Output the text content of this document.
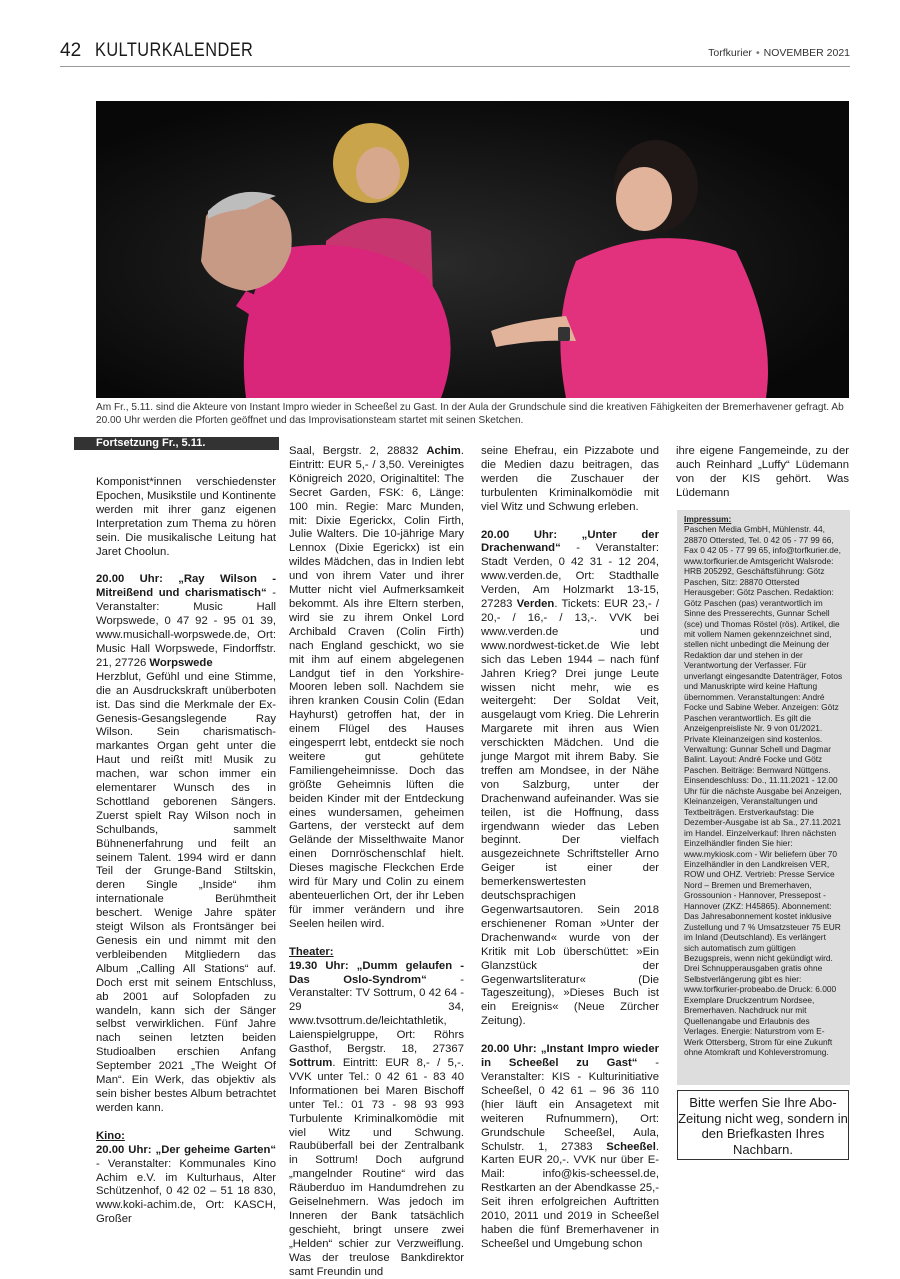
42 KULTURKALENDER	Torfkurier • NOVEMBER 2021
Am Fr., 5.11. sind die Akteure von Instant Impro wieder in Scheeßel zu Gast. In der Aula der Grundschule sind die kreativen Fähigkeiten der Bremerhavener gefragt. Ab 20.00 Uhr werden die Pforten geöffnet und das Improvisationsteam startet mit seinen Sketchen.
Fortsetzung Fr., 5.11.

Komponist*innen verschiedenster Epochen, Musikstile und Kontinente werden mit ihrer ganz eigenen Interpretation zum Thema zu hören sein. Die musikalische Leitung hat Jaret Choolun.

20.00 Uhr: „Ray Wilson - Mitreißend und charismatisch“ - Veranstalter: Music Hall Worpswede, 0 47 92 - 95 01 39, www.musichall-worpswede.de, Ort: Music Hall Worpswede, Findorffstr. 21, 27726 Worpswede

Herzblut, Gefühl und eine Stimme, die an Ausdruckskraft unüberboten ist. Das sind die Merkmale der Ex-Genesis-Gesangslegende Ray Wilson. Sein charismatisch-markantes Organ geht unter die Haut und reißt mit! Musik zu machen, war schon immer ein elementarer Wunsch des in Schottland geborenen Sängers. Zuerst spielt Ray Wilson noch in Schulbands, sammelt Bühnenerfahrung und feilt an seinem Talent. 1994 wird er dann Teil der Grunge-Band Stiltskin, deren Single „Inside“ ihm internationale Berühmtheit beschert. Wenige Jahre später steigt Wilson als Frontsänger bei Genesis ein und nimmt mit den verbleibenden Mitgliedern das Album „Calling All Stations“ auf. Doch erst mit seinem Entschluss, ab 2001 auf Solopfaden zu wandeln, kann sich der Sänger selbst verwirklichen. Fünf Jahre nach seinen letzten beiden Studioalben erschien Anfang September 2021 „The Weight Of Man“. Ein Werk, das objektiv als sein bisher bestes Album betrachtet werden kann.

Kino:

20.00 Uhr: „Der geheime Garten“ - Veranstalter: Kommunales Kino Achim e.V. im Kulturhaus, Alter Schützenhof, 0 42 02 – 51 18 830, www.koki-achim.de, Ort: KASCH, Großer

Saal, Bergstr. 2, 28832 Achim. Eintritt: EUR 5,- / 3,50. Vereinigtes Königreich 2020, Originaltitel: The Secret Garden, FSK: 6, Länge: 100 min. Regie: Marc Munden, mit: Dixie Egerickx, Colin Firth, Julie Walters. Die 10-jährige Mary Lennox (Dixie Egerickx) ist ein wildes Mädchen, das in Indien lebt und von ihrem Vater und ihrer Mutter nicht viel Aufmerksamkeit bekommt. Als ihre Eltern sterben, wird sie zu ihrem Onkel Lord Archibald Craven (Colin Firth) nach England geschickt, wo sie mit ihm auf einem abgelegenen Landgut tief in den Yorkshire-Mooren leben soll. Nachdem sie ihren kranken Cousin Colin (Edan Hayhurst) getroffen hat, der in einem Flügel des Hauses eingesperrt lebt, entdeckt sie noch weitere gut gehütete Familiengeheimnisse. Doch das größte Geheimnis lüften die beiden Kinder mit der Entdeckung eines wundersamen, geheimen Gartens, der versteckt auf dem Gelände der Misselthwaite Manor einen Dornröschenschlaf hielt. Dieses magische Fleckchen Erde wird für Mary und Colin zu einem abenteuerlichen Ort, der ihr Leben für immer verändern und ihre Seelen heilen wird.

Theater:

19.30 Uhr: „Dumm gelaufen - Das Oslo-Syndrom“ - Veranstalter: TV Sottrum, 0 42 64 - 29 34, www.tvsottrum.de/leichtathletik, Laienspielgruppe, Ort: Röhrs Gasthof, Bergstr. 18, 27367 Sottrum. Eintritt: EUR 8,- / 5,-. VVK unter Tel.: 0 42 61 - 83 40 Informationen bei Maren Bischoff unter Tel.: 01 73 - 98 93 993 Turbulente Kriminalkomödie mit viel Witz und Schwung. Raubüberfall bei der Zentralbank in Sottrum! Doch aufgrund „mangelnder Routine“ wird das Räuberduo im Handumdrehen zu Geiselnehmern. Was jedoch im Inneren der Bank tatsächlich geschieht, bringt unsere zwei „Helden“ schier zur Verzweiflung. Was der treulose Bankdirektor samt Freundin und

seine Ehefrau, ein Pizzabote und die Medien dazu beitragen, das werden die Zuschauer der turbulenten Kriminalkomödie mit viel Witz und Schwung erleben.

20.00 Uhr: „Unter der Drachenwand“ - Veranstalter: Stadt Verden, 0 42 31 - 12 204, www.verden.de, Ort: Stadthalle Verden, Am Holzmarkt 13-15, 27283 Verden. Tickets: EUR 23,- / 20,- / 16,- / 13,-. VVK bei www.verden.de und www.nordwest-ticket.de Wie lebt sich das Leben 1944 – nach fünf Jahren Krieg? Drei junge Leute wissen nicht mehr, wie es weitergeht: Der Soldat Veit, ausgelaugt vom Krieg. Die Lehrerin Margarete mit ihren aus Wien verschickten Mädchen. Und die junge Margot mit ihrem Baby. Sie treffen am Mondsee, in der Nähe von Salzburg, unter der Drachenwand aufeinander. Was sie teilen, ist die Hoffnung, dass irgendwann wieder das Leben beginnt. Der vielfach ausgezeichnete Schriftsteller Arno Geiger ist einer der bemerkenswertesten deutschsprachigen Gegenwartsautoren. Sein 2018 erschienener Roman »Unter der Drachenwand« wurde von der Kritik mit Lob überschüttet: »Ein Glanzstück der Gegenwartsliteratur« (Die Tageszeitung), »Dieses Buch ist ein Ereignis« (Neue Zürcher Zeitung).

20.00 Uhr: „Instant Impro wieder in Scheeßel zu Gast“ - Veranstalter: KIS - Kulturinitiative Scheeßel, 0 42 61 – 96 36 110 (hier läuft ein Ansagetext mit weiteren Rufnummern), Ort: Grundschule Scheeßel, Aula, Schulstr. 1, 27383 Scheeßel. Karten EUR 20,-. VVK nur über E-Mail: info@kis-scheessel.de, Restkarten an der Abendkasse 25,- Seit ihren erfolgreichen Auftritten 2010, 2011 und 2019 in Scheeßel haben die fünf Bremerhavener in Scheeßel und Umgebung schon

ihre eigene Fangemeinde, zu der auch Reinhard „Luffy“ Lüdemann von der KIS gehört. Was Lüdemann

Impressum:
Paschen Media GmbH, Mühlenstr. 44, 28870 Ottersted, Tel. 0 42 05 - 77 99 66, Fax 0 42 05 - 77 99 65, info@torfkurier.de, www.torfkurier.de Amtsgericht Walsrode: HRB 205292, Geschäftsführung: Götz Paschen, Sitz: 28870 Ottersted Herausgeber: Götz Paschen. Redaktion: Götz Paschen (pas) verantwortlich im Sinne des Presserechts, Gunnar Schell (sce) und Thomas Röstel (rös). Artikel, die mit vollem Namen gekennzeichnet sind, stellen nicht unbedingt die Meinung der Redaktion dar und stehen in der Verantwortung der Verfasser. Für unverlangt eingesandte Datenträger, Fotos und Manuskripte wird keine Haftung übernommen. Veranstaltungen: André Focke und Sabine Weber. Anzeigen: Götz Paschen verantwortlich. Es gilt die Anzeigenpreisliste Nr. 9 von 01/2021. Private Kleinanzeigen sind kostenlos. Verwaltung: Gunnar Schell und Dagmar Balint. Layout: André Focke und Götz Paschen. Beiträge: Bernward Nüttgens. Einsendeschluss: Do., 11.11.2021 - 12.00 Uhr für die nächste Ausgabe bei Anzeigen, Kleinanzeigen, Veranstaltungen und Textbeiträgen. Erstverkaufstag: Die Dezember-Ausgabe ist ab Sa., 27.11.2021 im Handel. Einzelverkauf: Ihren nächsten Einzelhändler finden Sie hier: www.mykiosk.com - Wir beliefern über 70 Einzelhändler in den Landkreisen VER, ROW und OHZ. Vertrieb: Presse Service Nord – Bremen und Bremerhaven, Grossounion - Hannover, Pressepost - Hannover (ZKZ: H45865). Abonnement: Das Jahresabonnement kostet inklusive Zustellung und 7 % Umsatzsteuer 75 EUR im Inland (Deutschland). Es verlängert sich automatisch zum gültigen Bezugspreis, wenn nicht gekündigt wird. Drei Schnupperausgaben gratis ohne Selbstverlängerung gibt es hier: www.torfkurier-probeabo.de Druck: 6.000 Exemplare Druckzentrum Nordsee, Bremerhaven. Nachdruck nur mit Quellenangabe und Erlaubnis des Verlages. Energie: Naturstrom vom E-Werk Ottersberg, Strom für eine Zukunft ohne Atomkraft und Kohleverstromung.
Bitte werfen Sie Ihre Abo-Zeitung nicht weg, sondern in den Briefkasten Ihres Nachbarn.
